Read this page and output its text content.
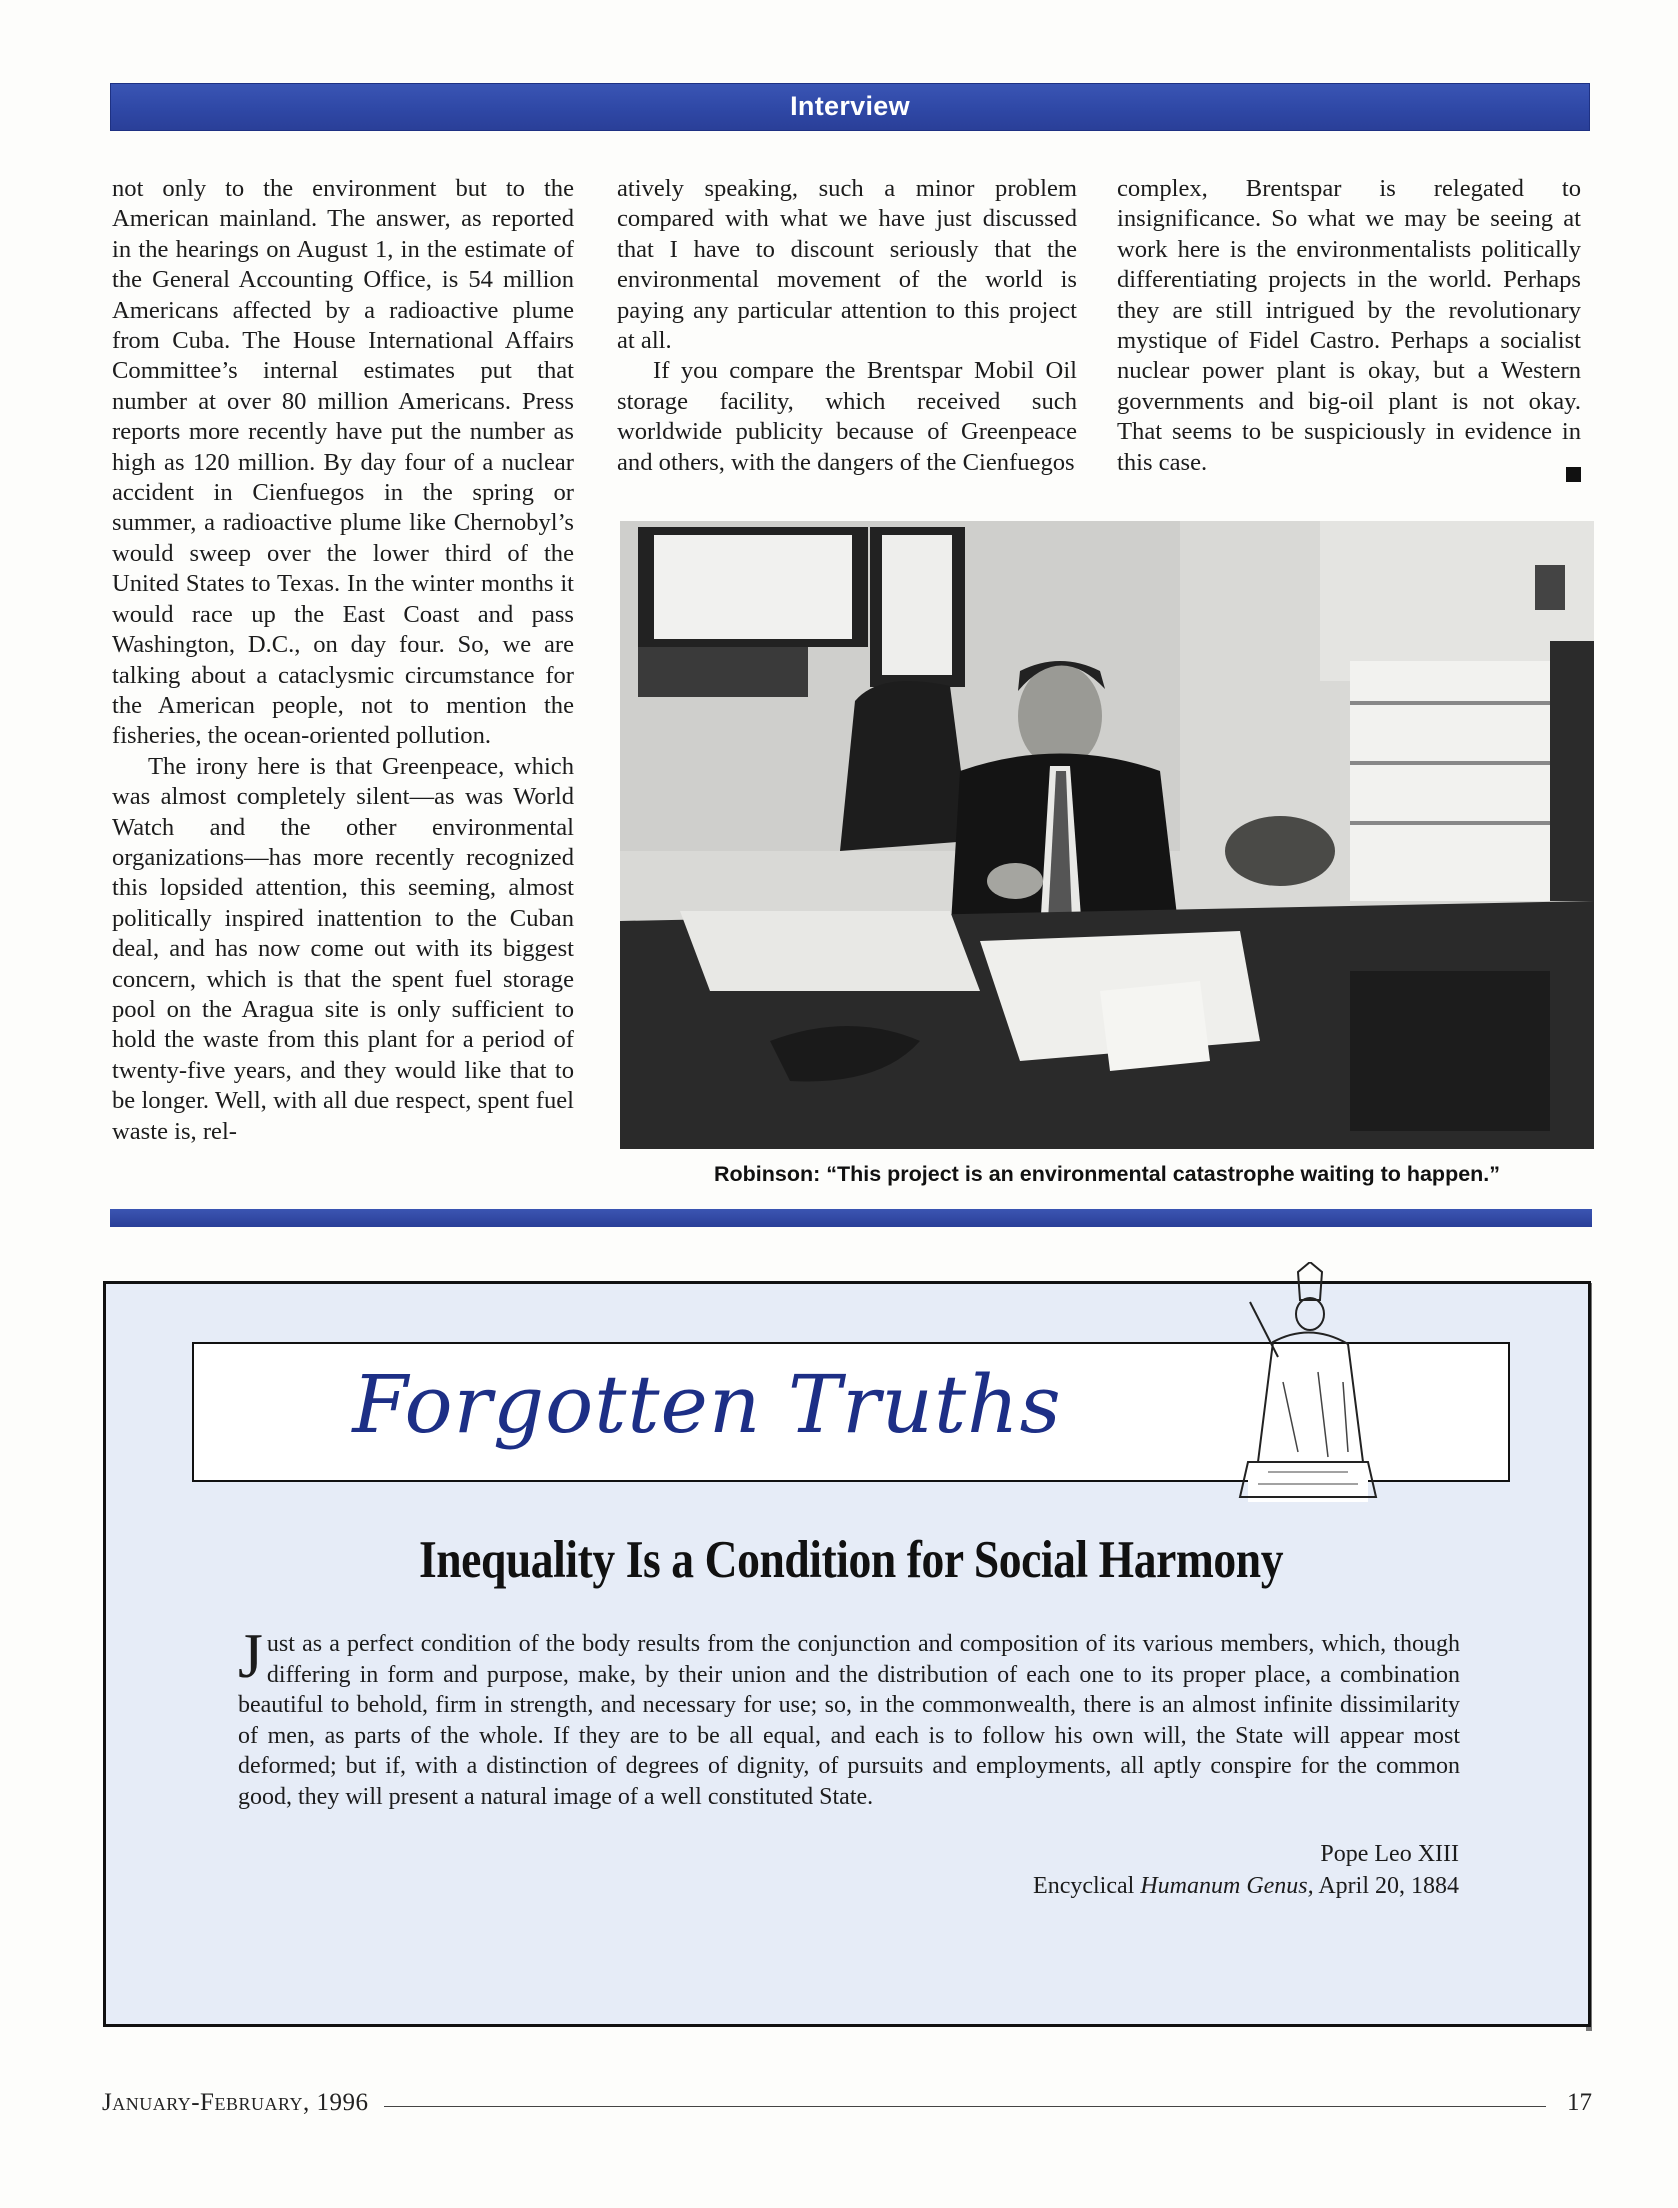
Interview

not only to the environment but to the American mainland. The answer, as reported in the hearings on August 1, in the estimate of the General Accounting Office, is 54 million Americans affected by a radioactive plume from Cuba. The House International Affairs Committee’s internal estimates put that number at over 80 million Americans. Press reports more recently have put the number as high as 120 million. By day four of a nuclear accident in Cienfuegos in the spring or summer, a radioactive plume like Chernobyl’s would sweep over the lower third of the United States to Texas. In the winter months it would race up the East Coast and pass Washington, D.C., on day four. So, we are talking about a cataclysmic circumstance for the American people, not to mention the fisheries, the ocean-oriented pollution.

The irony here is that Greenpeace, which was almost completely silent—as was World Watch and the other environmental organizations—has more recently recognized this lopsided attention, this seeming, almost politically inspired inattention to the Cuban deal, and has now come out with its biggest concern, which is that the spent fuel storage pool on the Aragua site is only sufficient to hold the waste from this plant for a period of twenty-five years, and they would like that to be longer. Well, with all due respect, spent fuel waste is, rel-

atively speaking, such a minor problem compared with what we have just discussed that I have to discount seriously that the environmental movement of the world is paying any particular attention to this project at all.

If you compare the Brentspar Mobil Oil storage facility, which received such worldwide publicity because of Greenpeace and others, with the dangers of the Cienfuegos

complex, Brentspar is relegated to insignificance. So what we may be seeing at work here is the environmentalists politically differentiating projects in the world. Perhaps they are still intrigued by the revolutionary mystique of Fidel Castro. Perhaps a socialist nuclear power plant is okay, but a Western governments and big-oil plant is not okay. That seems to be suspiciously in evidence in this case.

Robinson: “This project is an environmental catastrophe waiting to happen.”
Forgotten Truths
Inequality Is a Condition for Social Harmony
Just as a perfect condition of the body results from the conjunction and composition of its various members, which, though differing in form and purpose, make, by their union and the distribution of each one to its proper place, a combination beautiful to behold, firm in strength, and necessary for use; so, in the commonwealth, there is an almost infinite dissimilarity of men, as parts of the whole. If they are to be all equal, and each is to follow his own will, the State will appear most deformed; but if, with a distinction of degrees of dignity, of pursuits and employments, all aptly conspire for the common good, they will present a natural image of a well constituted State.
Pope Leo XIII
Encyclical Humanum Genus, April 20, 1884
January-February, 1996	17
